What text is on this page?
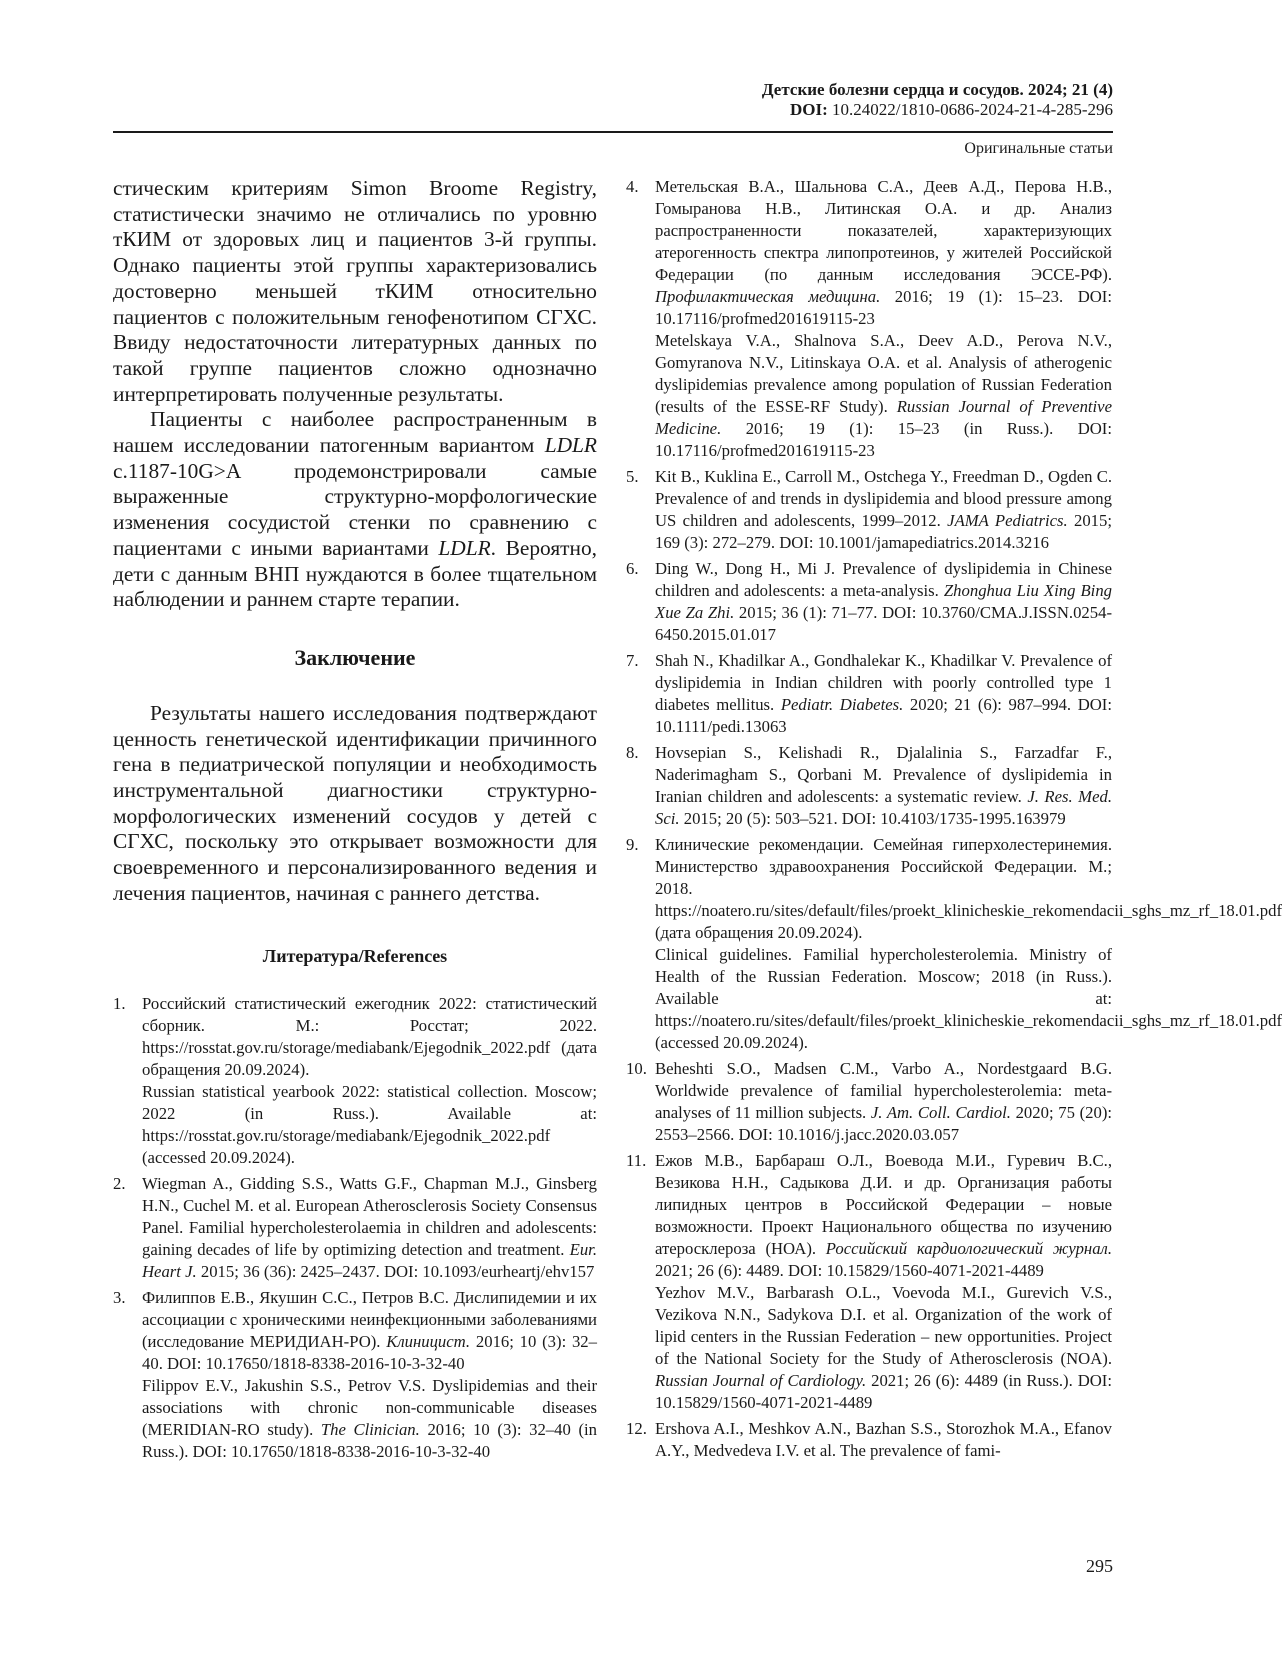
Детские болезни сердца и сосудов. 2024; 21 (4)
DOI: 10.24022/1810-0686-2024-21-4-285-296
Оригинальные статьи

стическим критериям Simon Broome Registry, статистически значимо не отличались по уровню тКИМ от здоровых лиц и пациентов 3-й группы. Однако пациенты этой группы характеризовались достоверно меньшей тКИМ относительно пациентов с положительным генофенотипом СГХС. Ввиду недостаточности литературных данных по такой группе пациентов сложно однозначно интерпретировать полученные результаты.

Пациенты с наиболее распространенным в нашем исследовании патогенным вариантом LDLR c.1187-10G>A продемонстрировали самые выраженные структурно-морфологические изменения сосудистой стенки по сравнению с пациентами с иными вариантами LDLR. Вероятно, дети с данным ВНП нуждаются в более тщательном наблюдении и раннем старте терапии.

Заключение

Результаты нашего исследования подтверждают ценность генетической идентификации причинного гена в педиатрической популяции и необходимость инструментальной диагностики структурно-морфологических изменений сосудов у детей с СГХС, поскольку это открывает возможности для своевременного и персонализированного ведения и лечения пациентов, начиная с раннего детства.

Литература/References
1. Российский статистический ежегодник 2022: статистический сборник. М.: Росстат; 2022. https://rosstat.gov.ru/storage/mediabank/Ejegodnik_2022.pdf (дата обращения 20.09.2024).
Russian statistical yearbook 2022: statistical collection. Moscow; 2022 (in Russ.). Available at: https://rosstat.gov.ru/storage/mediabank/Ejegodnik_2022.pdf (accessed 20.09.2024).
2. Wiegman A., Gidding S.S., Watts G.F., Chapman M.J., Ginsberg H.N., Cuchel M. et al. European Atherosclerosis Society Consensus Panel. Familial hypercholesterolaemia in children and adolescents: gaining decades of life by optimizing detection and treatment. Eur. Heart J. 2015; 36 (36): 2425–2437. DOI: 10.1093/eurheartj/ehv157
3. Филиппов Е.В., Якушин С.С., Петров В.С. Дислипидемии и их ассоциации с хроническими неинфекционными заболеваниями (исследование МЕРИДИАН-РО). Клиницист. 2016; 10 (3): 32–40. DOI: 10.17650/1818-8338-2016-10-3-32-40
Filippov E.V., Jakushin S.S., Petrov V.S. Dyslipidemias and their associations with chronic non-communicable diseases (MERIDIAN-RO study). The Clinician. 2016; 10 (3): 32–40 (in Russ.). DOI: 10.17650/1818-8338-2016-10-3-32-40
4. Метельская В.А., Шальнова С.А., Деев А.Д., Перова Н.В., Гомыранова Н.В., Литинская О.А. и др. Анализ распространенности показателей, характеризующих атерогенность спектра липопротеинов, у жителей Российской Федерации (по данным исследования ЭССЕ-РФ). Профилактическая медицина. 2016; 19 (1): 15–23. DOI: 10.17116/profmed201619115-23
Metelskaya V.A., Shalnova S.A., Deev A.D., Perova N.V., Gomyranova N.V., Litinskaya O.A. et al. Analysis of atherogenic dyslipidemias prevalence among population of Russian Federation (results of the ESSE-RF Study). Russian Journal of Preventive Medicine. 2016; 19 (1): 15–23 (in Russ.). DOI: 10.17116/profmed201619115-23
5. Kit B., Kuklina E., Carroll M., Ostchega Y., Freedman D., Ogden C. Prevalence of and trends in dyslipidemia and blood pressure among US children and adolescents, 1999–2012. JAMA Pediatrics. 2015; 169 (3): 272–279. DOI: 10.1001/jamapediatrics.2014.3216
6. Ding W., Dong H., Mi J. Prevalence of dyslipidemia in Chinese children and adolescents: a meta-analysis. Zhonghua Liu Xing Bing Xue Za Zhi. 2015; 36 (1): 71–77. DOI: 10.3760/CMA.J.ISSN.0254-6450.2015.01.017
7. Shah N., Khadilkar A., Gondhalekar K., Khadilkar V. Prevalence of dyslipidemia in Indian children with poorly controlled type 1 diabetes mellitus. Pediatr. Diabetes. 2020; 21 (6): 987–994. DOI: 10.1111/pedi.13063
8. Hovsepian S., Kelishadi R., Djalalinia S., Farzadfar F., Naderimagham S., Qorbani M. Prevalence of dyslipidemia in Iranian children and adolescents: a systematic review. J. Res. Med. Sci. 2015; 20 (5): 503–521. DOI: 10.4103/1735-1995.163979
9. Клинические рекомендации. Семейная гиперхолестеринемия. Министерство здравоохранения Российской Федерации. М.; 2018. https://noatero.ru/sites/default/files/proekt_klinicheskie_rekomendacii_sghs_mz_rf_18.01.pdf (дата обращения 20.09.2024).
Clinical guidelines. Familial hypercholesterolemia. Ministry of Health of the Russian Federation. Moscow; 2018 (in Russ.). Available at: https://noatero.ru/sites/default/files/proekt_klinicheskie_rekomendacii_sghs_mz_rf_18.01.pdf (accessed 20.09.2024).
10. Beheshti S.O., Madsen C.M., Varbo A., Nordestgaard B.G. Worldwide prevalence of familial hypercholesterolemia: meta-analyses of 11 million subjects. J. Am. Coll. Cardiol. 2020; 75 (20): 2553–2566. DOI: 10.1016/j.jacc.2020.03.057
11. Ежов М.В., Барбараш О.Л., Воевода М.И., Гуревич В.С., Везикова Н.Н., Садыкова Д.И. и др. Организация работы липидных центров в Российской Федерации – новые возможности. Проект Национального общества по изучению атеросклероза (НОА). Российский кардиологический журнал. 2021; 26 (6): 4489. DOI: 10.15829/1560-4071-2021-4489
Yezhov M.V., Barbarash O.L., Voevoda M.I., Gurevich V.S., Vezikova N.N., Sadykova D.I. et al. Organization of the work of lipid centers in the Russian Federation – new opportunities. Project of the National Society for the Study of Atherosclerosis (NOA). Russian Journal of Cardiology. 2021; 26 (6): 4489 (in Russ.). DOI: 10.15829/1560-4071-2021-4489
12. Ershova A.I., Meshkov A.N., Bazhan S.S., Storozhok M.A., Efanov A.Y., Medvedeva I.V. et al. The prevalence of fami-
295
